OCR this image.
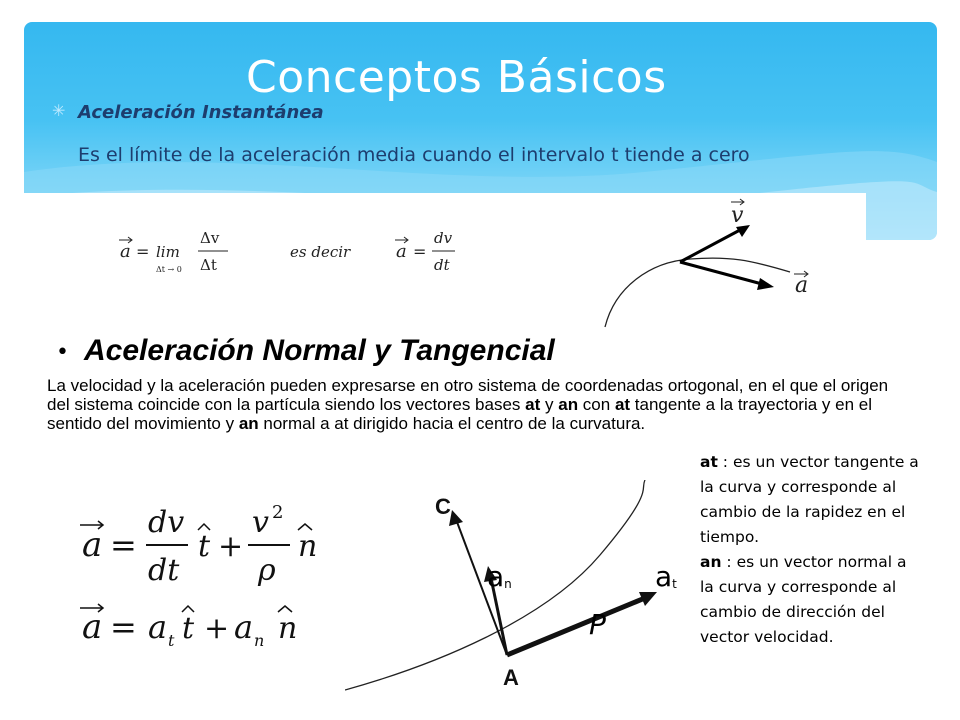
Conceptos Básicos
✳ Aceleración Instantánea
Es el límite de la aceleración media cuando el intervalo t tiende a cero
a = lim
Δt → 0
Δv
Δt
es decir	a =
dv
dt
v
a
• Aceleración Normal y Tangencial
La velocidad y la aceleración pueden expresarse en otro sistema de coordenadas ortogonal, en el que el origen del sistema coincide con la partícula siendo los vectores bases at y an con at tangente a la trayectoria y en el sentido del movimiento y an normal a at dirigido hacia el centro de la curvatura.
at : es un vector tangente a la curva y corresponde al cambio de la rapidez en el tiempo.
an : es un vector normal a la curva y corresponde al cambio de dirección del vector velocidad.
a =
dv
dt
t +
v 2
ρ
n
a = a t t + a n n
C
A
$a_n$	$a_t$
P
